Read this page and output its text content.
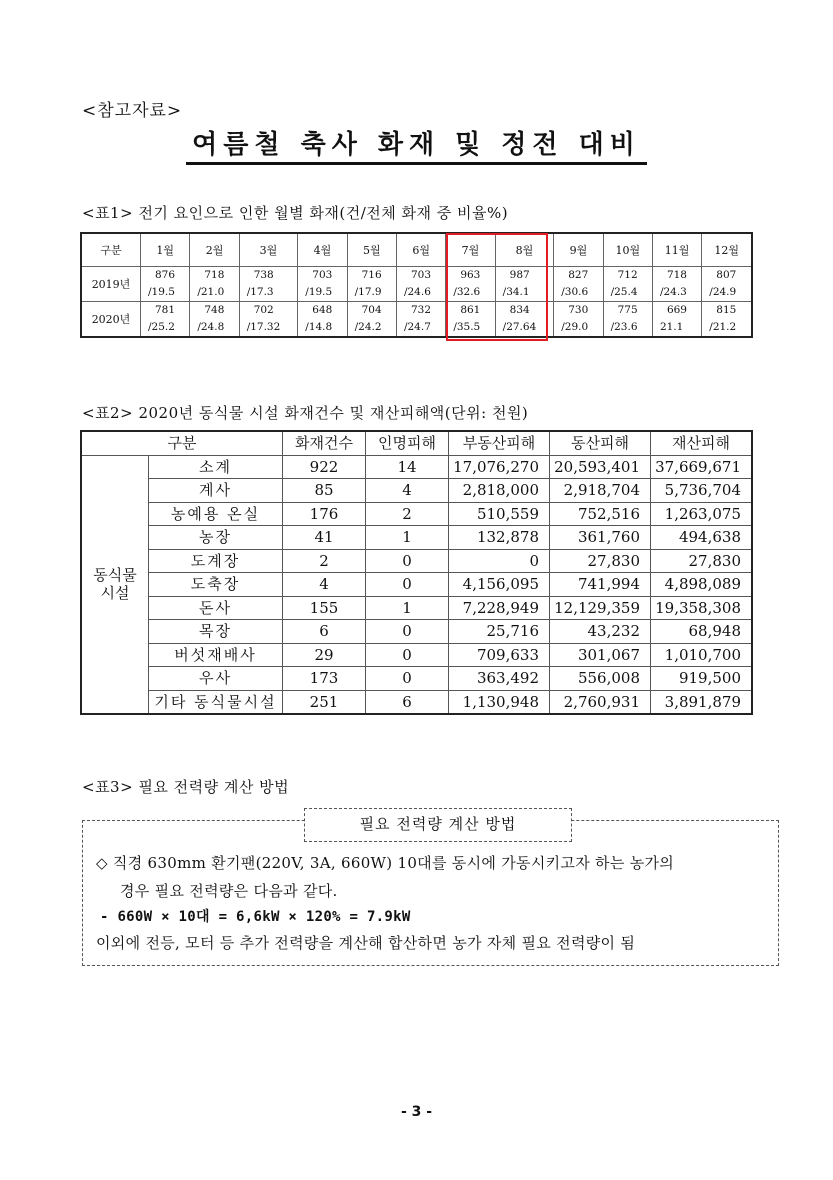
<참고자료>
여름철 축사 화재 및 정전 대비
<표1> 전기 요인으로 인한 월별 화재(건/전체 화재 중 비율%)
구분	1월	2월	3월	4월	5월	6월	7월	8월	9월	10월	11월	12월
2019년	876	718	738	703	716	703	963	987	827	712	718	807
	/19.5	/21.0	/17.3	/19.5	/17.9	/24.6	/32.6	/34.1	/30.6	/25.4	/24.3	/24.9
2020년	781	748	702	648	704	732	861	834	730	775	669	815
	/25.2	/24.8	/17.32	/14.8	/24.2	/24.7	/35.5	/27.64	/29.0	/23.6	21.1	/21.2
<표2> 2020년 동식물 시설 화재건수 및 재산피해액(단위: 천원)
구분		화재건수	인명피해	부동산피해	동산피해	재산피해

동식물
시설	소계	922	14	17,076,270	20,593,401	37,669,671
	계사	85	4	2,818,000	2,918,704	5,736,704
	농예용 온실	176	2	510,559	752,516	1,263,075
	농장	41	1	132,878	361,760	494,638
	도계장	2	0	0	27,830	27,830
	도축장	4	0	4,156,095	741,994	4,898,089
	돈사	155	1	7,228,949	12,129,359	19,358,308
	목장	6	0	25,716	43,232	68,948
	버섯재배사	29	0	709,633	301,067	1,010,700
	우사	173	0	363,492	556,008	919,500
	기타 동식물시설	251	6	1,130,948	2,760,931	3,891,879
<표3> 필요 전력량 계산 방법
필요 전력량 계산 방법
◇ 직경 630mm 환기팬(220V, 3A, 660W) 10대를 동시에 가동시키고자 하는 농가의
경우 필요 전력량은 다음과 같다.
- 660W × 10대 = 6,6kW × 120% = 7.9kW
이외에 전등, 모터 등 추가 전력량을 계산해 합산하면 농가 자체 필요 전력량이 됨
- 3 -
